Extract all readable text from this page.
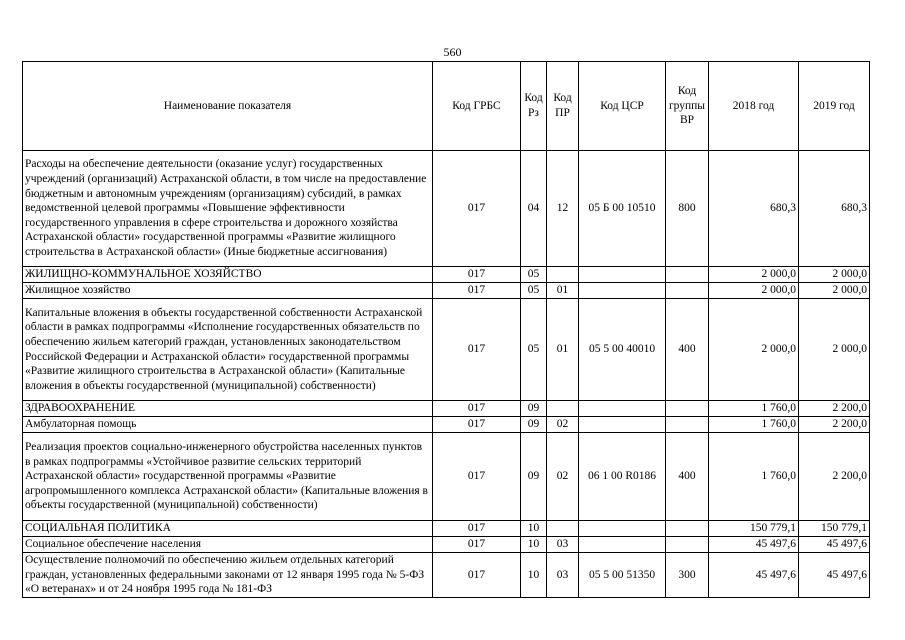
560
Наименование показателя	Код ГРБС	Код Рз	Код ПР	Код ЦСР	Код группы ВР	2018 год	2019 год
Расходы на обеспечение деятельности (оказание услуг) государственных учреждений (организаций) Астраханской области, в том числе на предоставление бюджетным и автономным учреждениям (организациям) субсидий, в рамках ведомственной целевой программы «Повышение эффективности государственного управления в сфере строительства и дорожного хозяйства Астраханской области» государственной программы «Развитие жилищного строительства в Астраханской области» (Иные бюджетные ассигнования)	017	04	12	05 Б 00 10510	800	680,3	680,3
ЖИЛИЩНО-КОММУНАЛЬНОЕ ХОЗЯЙСТВО	017	05				2 000,0	2 000,0
Жилищное хозяйство	017	05	01			2 000,0	2 000,0
Капитальные вложения в объекты государственной собственности Астраханской области в рамках подпрограммы «Исполнение государственных обязательств по обеспечению жильем категорий граждан, установленных законодательством Российской Федерации и Астраханской области» государственной программы «Развитие жилищного строительства в Астраханской области» (Капитальные вложения в объекты государственной (муниципальной) собственности)	017	05	01	05 5 00 40010	400	2 000,0	2 000,0
ЗДРАВООХРАНЕНИЕ	017	09				1 760,0	2 200,0
Амбулаторная помощь	017	09	02			1 760,0	2 200,0
Реализация проектов социально-инженерного обустройства населенных пунктов в рамках подпрограммы «Устойчивое развитие сельских территорий Астраханской области» государственной программы «Развитие агропромышленного комплекса Астраханской области» (Капитальные вложения в объекты государственной (муниципальной) собственности)	017	09	02	06 1 00 R0186	400	1 760,0	2 200,0
СОЦИАЛЬНАЯ ПОЛИТИКА	017	10				150 779,1	150 779,1
Социальное обеспечение населения	017	10	03			45 497,6	45 497,6
Осуществление полномочий по обеспечению жильем отдельных категорий граждан, установленных федеральными законами от 12 января 1995 года № 5-ФЗ «О ветеранах» и от 24 ноября 1995 года № 181-ФЗ	017	10	03	05 5 00 51350	300	45 497,6	45 497,6
